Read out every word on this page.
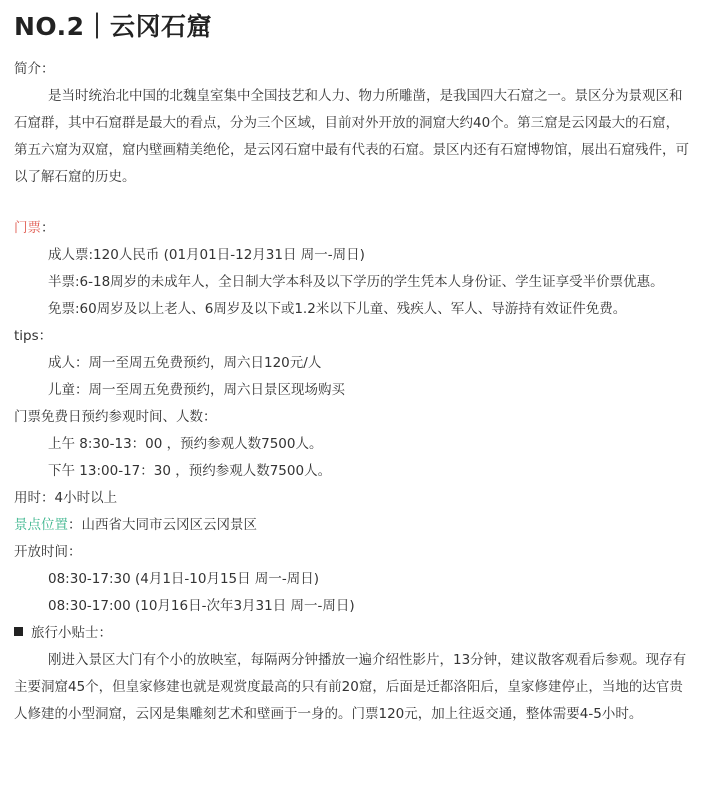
NO.2｜云冈石窟

简介：

是当时统治北中国的北魏皇室集中全国技艺和人力、物力所雕凿，是我国四大石窟之一。景区分为景观区和石窟群，其中石窟群是最大的看点，分为三个区域，目前对外开放的洞窟大约40个。第三窟是云冈最大的石窟，第五六窟为双窟，窟内壁画精美绝伦，是云冈石窟中最有代表的石窟。景区内还有石窟博物馆，展出石窟残件，可以了解石窟的历史。

门票：

成人票:120人民币 (01月01日-12月31日 周一-周日)

半票:6-18周岁的未成年人，全日制大学本科及以下学历的学生凭本人身份证、学生证享受半价票优惠。

免票:60周岁及以上老人、6周岁及以下或1.2米以下儿童、残疾人、军人、导游持有效证件免费。

tips：

成人：周一至周五免费预约，周六日120元/人

儿童：周一至周五免费预约，周六日景区现场购买

门票免费日预约参观时间、人数：

上午 8:30-13：00 ，预约参观人数7500人。

下午 13:00-17：30 ，预约参观人数7500人。

用时：4小时以上

景点位置：山西省大同市云冈区云冈景区

开放时间：

08:30-17:30 (4月1日-10月15日 周一-周日)

08:30-17:00 (10月16日-次年3月31日 周一-周日)

旅行小贴士：

刚进入景区大门有个小的放映室，每隔两分钟播放一遍介绍性影片，13分钟，建议散客观看后参观。现存有主要洞窟45个，但皇家修建也就是观赏度最高的只有前20窟，后面是迁都洛阳后，皇家修建停止，当地的达官贵人修建的小型洞窟，云冈是集雕刻艺术和壁画于一身的。门票120元，加上往返交通，整体需要4-5小时。
